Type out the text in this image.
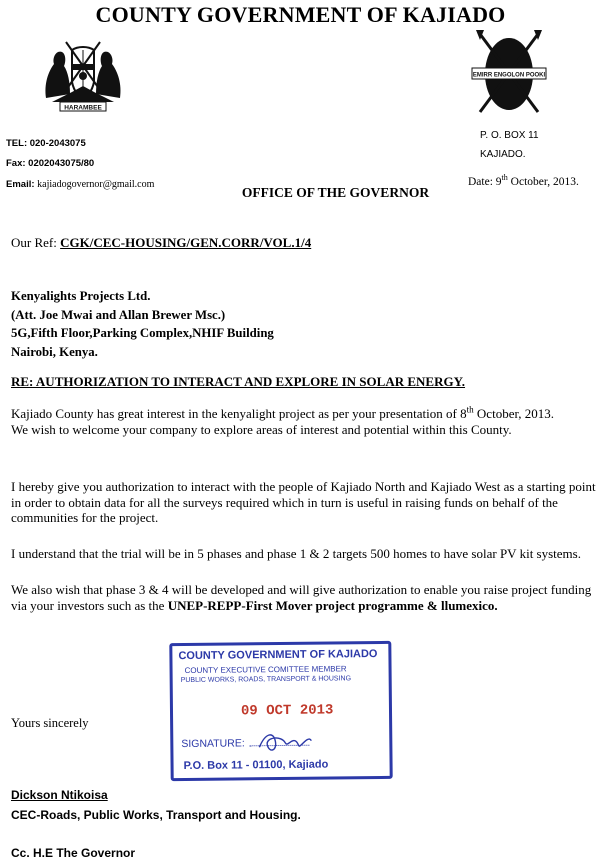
COUNTY GOVERNMENT OF KAJIADO
HARAMBEE
EMIRR ENGOLON POOKI
TEL: 020-2043075
Fax: 0202043075/80
Email: kajiadogovernor@gmail.com
P. O. BOX 11
KAJIADO.
Date: 9th October, 2013.
OFFICE OF THE GOVERNOR
Our Ref: CGK/CEC-HOUSING/GEN.CORR/VOL.1/4
Kenyalights Projects Ltd.
(Att. Joe Mwai and Allan Brewer Msc.)
5G,Fifth Floor,Parking Complex,NHIF Building
Nairobi, Kenya.
RE: AUTHORIZATION TO INTERACT AND EXPLORE IN SOLAR ENERGY.

Kajiado County has great interest in the kenyalight project as per your presentation of 8th October, 2013.

We wish to welcome your company to explore areas of interest and potential within this County.

I hereby give you authorization to interact with the people of Kajiado North and Kajiado West as a starting point in order to obtain data for all the surveys required which in turn is useful in raising funds on behalf of the communities for the project.
I understand that the trial will be in 5 phases and phase 1 & 2 targets 500 homes to have solar PV kit systems.
We also wish that phase 3 & 4 will be developed and will give authorization to enable you raise project funding via your investors such as the UNEP-REPP-First Mover project programme & llumexico.
Yours sincerely
COUNTY GOVERNMENT OF KAJIADO
COUNTY EXECUTIVE COMITTEE MEMBER
PUBLIC WORKS, ROADS, TRANSPORT & HOUSING
09 OCT 2013
SIGNATURE:
P.O. Box 11 - 01100, Kajiado
Dickson Ntikoisa
CEC-Roads, Public Works, Transport and Housing.
Cc. H.E The Governor
